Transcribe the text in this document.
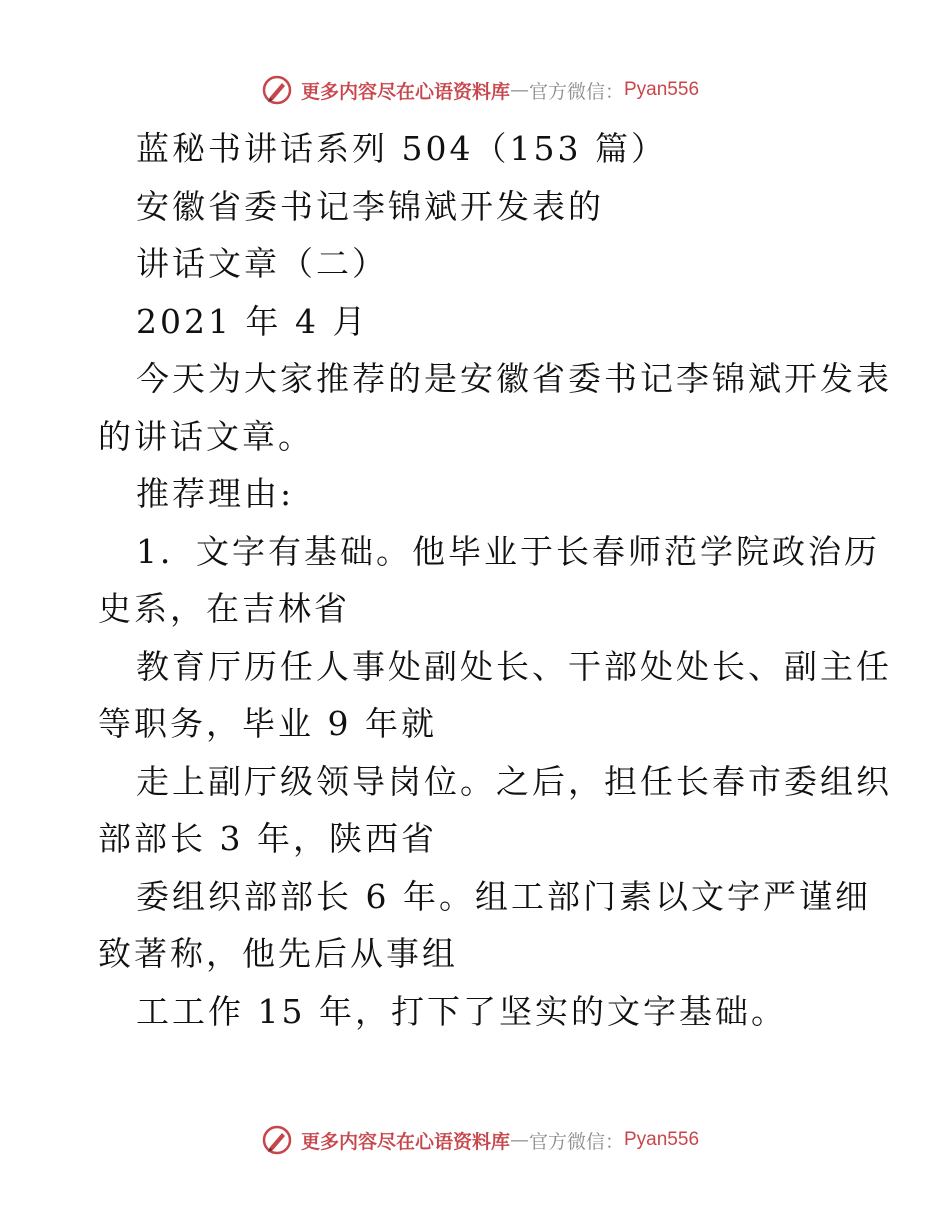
更多内容尽在心语资料库 — 官方微信： Pyan556
蓝秘书讲话系列 504（153 篇）
安徽省委书记李锦斌开发表的
讲话文章（二）
2021 年 4 月
今天为大家推荐的是安徽省委书记李锦斌开发表
的讲话文章。
推荐理由:
1．文字有基础。他毕业于长春师范学院政治历
史系，在吉林省
教育厅历任人事处副处长、干部处处长、副主任
等职务，毕业 9 年就
走上副厅级领导岗位。之后，担任长春市委组织
部部长 3 年，陕西省
委组织部部长 6 年。组工部门素以文字严谨细
致著称，他先后从事组
工工作 15 年，打下了坚实的文字基础。
更多内容尽在心语资料库 — 官方微信： Pyan556
